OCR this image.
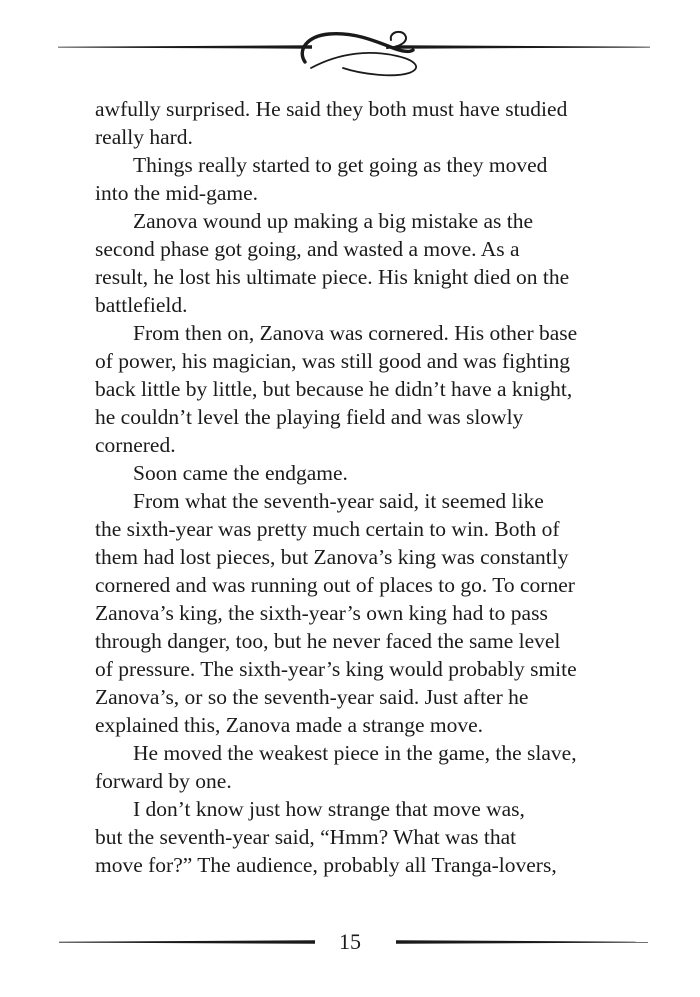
awfully surprised. He said they both must have studied
really hard.
Things really started to get going as they moved
into the mid-game.
Zanova wound up making a big mistake as the
second phase got going, and wasted a move. As a
result, he lost his ultimate piece. His knight died on the
battlefield.
From then on, Zanova was cornered. His other base
of power, his magician, was still good and was fighting
back little by little, but because he didn’t have a knight,
he couldn’t level the playing field and was slowly
cornered.
Soon came the endgame.
From what the seventh-year said, it seemed like
the sixth-year was pretty much certain to win. Both of
them had lost pieces, but Zanova’s king was constantly
cornered and was running out of places to go. To corner
Zanova’s king, the sixth-year’s own king had to pass
through danger, too, but he never faced the same level
of pressure. The sixth-year’s king would probably smite
Zanova’s, or so the seventh-year said. Just after he
explained this, Zanova made a strange move.
He moved the weakest piece in the game, the slave,
forward by one.
I don’t know just how strange that move was,
but the seventh-year said, “Hmm? What was that
move for?” The audience, probably all Tranga-lovers,
15
